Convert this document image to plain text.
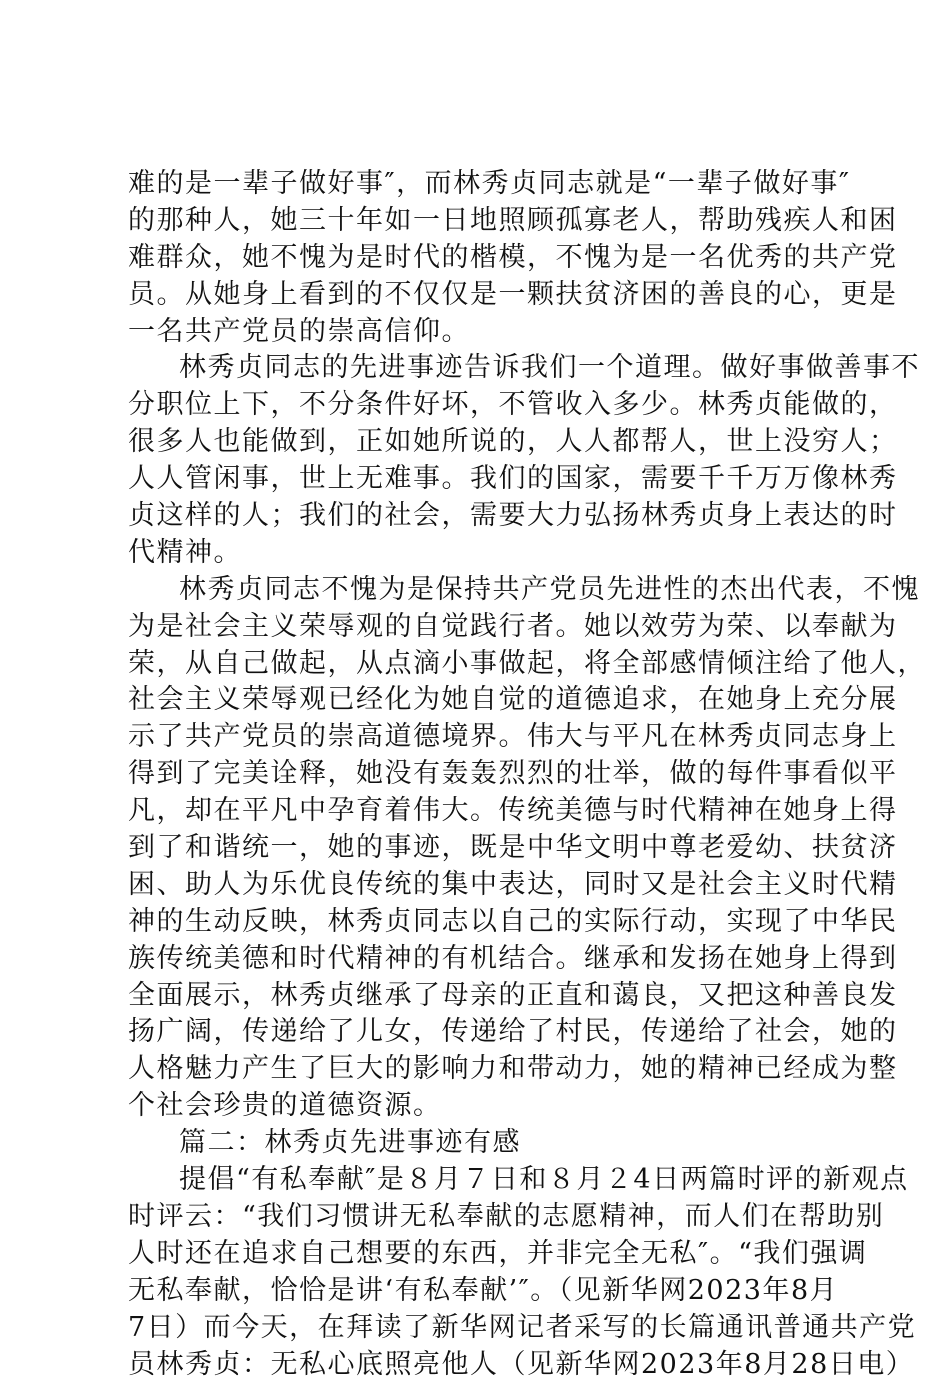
难的是一辈子做好事″，而林秀贞同志就是“一辈子做好事″
的那种人，她三十年如一日地照顾孤寡老人，帮助残疾人和困
难群众，她不愧为是时代的楷模，不愧为是一名优秀的共产党
员。从她身上看到的不仅仅是一颗扶贫济困的善良的心，更是
一名共产党员的崇高信仰。
林秀贞同志的先进事迹告诉我们一个道理。做好事做善事不
分职位上下，不分条件好坏，不管收入多少。林秀贞能做的，
很多人也能做到，正如她所说的，人人都帮人，世上没穷人；
人人管闲事，世上无难事。我们的国家，需要千千万万像林秀
贞这样的人；我们的社会，需要大力弘扬林秀贞身上表达的时
代精神。
林秀贞同志不愧为是保持共产党员先进性的杰出代表，不愧
为是社会主义荣辱观的自觉践行者。她以效劳为荣、以奉献为
荣，从自己做起，从点滴小事做起，将全部感情倾注给了他人，
社会主义荣辱观已经化为她自觉的道德追求，在她身上充分展
示了共产党员的崇高道德境界。伟大与平凡在林秀贞同志身上
得到了完美诠释，她没有轰轰烈烈的壮举，做的每件事看似平
凡，却在平凡中孕育着伟大。传统美德与时代精神在她身上得
到了和谐统一，她的事迹，既是中华文明中尊老爱幼、扶贫济
困、助人为乐优良传统的集中表达，同时又是社会主义时代精
神的生动反映，林秀贞同志以自己的实际行动，实现了中华民
族传统美德和时代精神的有机结合。继承和发扬在她身上得到
全面展示，林秀贞继承了母亲的正直和蔼良，又把这种善良发
扬广阔，传递给了儿女，传递给了村民，传递给了社会，她的
人格魅力产生了巨大的影响力和带动力，她的精神已经成为整
个社会珍贵的道德资源。
篇二：林秀贞先进事迹有感
提倡“有私奉献″是８月７日和８月２4日两篇时评的新观点
时评云：“我们习惯讲无私奉献的志愿精神，而人们在帮助别
人时还在追求自己想要的东西，并非完全无私″。“我们强调
无私奉献，恰恰是讲‘有私奉献’″。（见新华网2023年8月
7日）而今天，在拜读了新华网记者采写的长篇通讯普通共产党
员林秀贞：无私心底照亮他人（见新华网2023年8月28日电）
